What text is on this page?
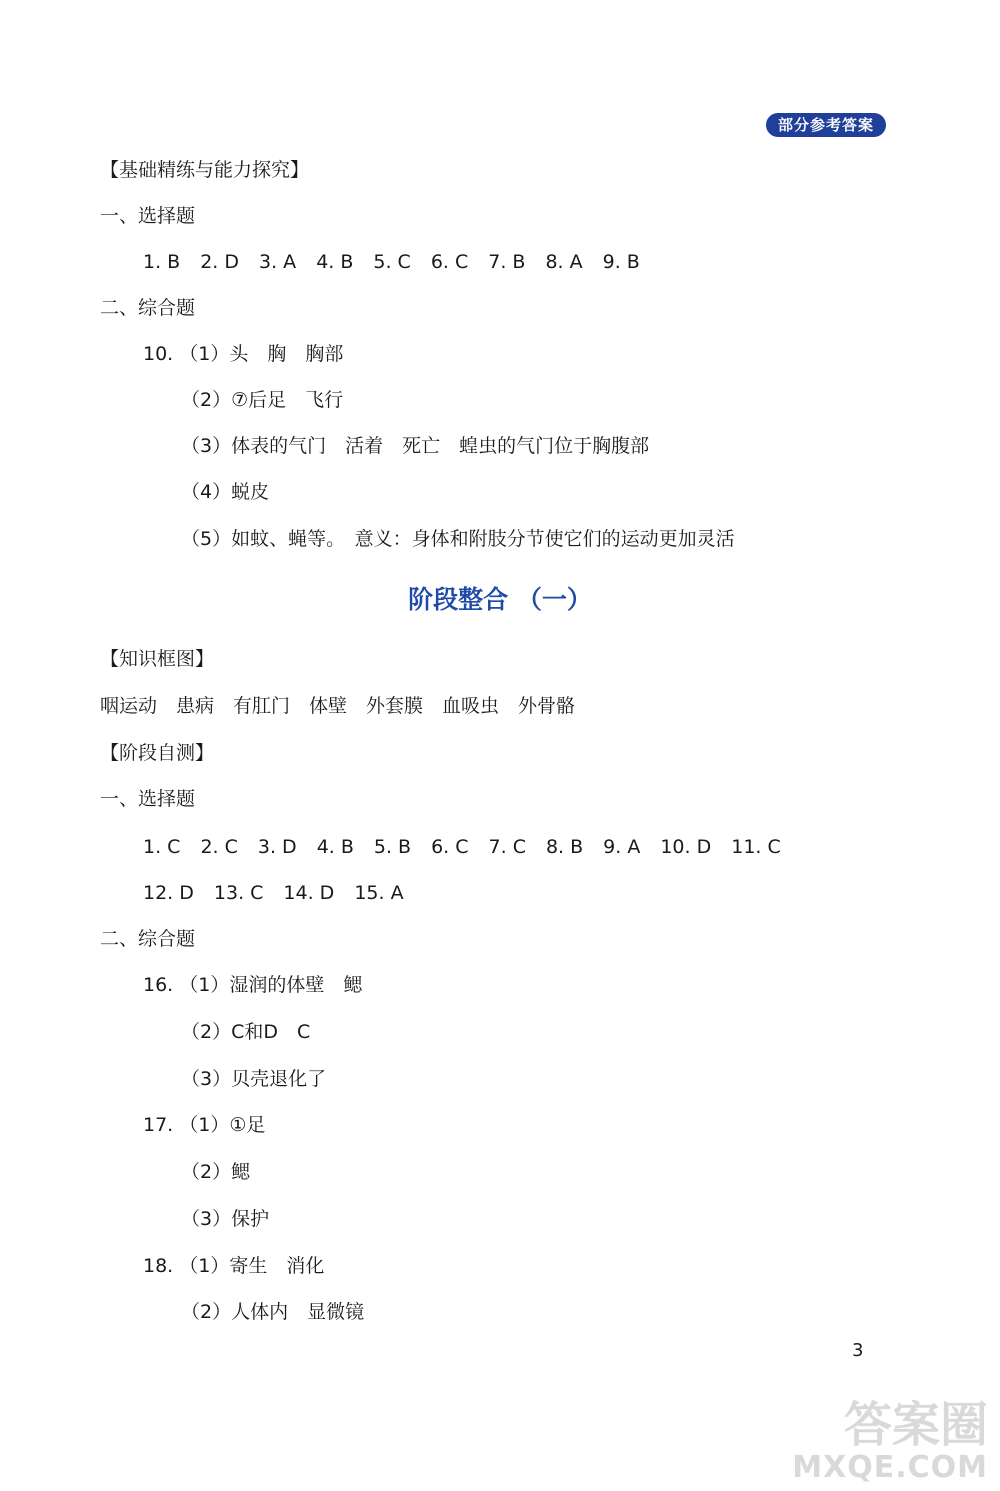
部分参考答案
【基础精练与能力探究】
一、选择题
1. B 2. D 3. A 4. B 5. C 6. C 7. B 8. A 9. B
二、综合题
10. （1）头　胸　胸部
（2）⑦后足　飞行
（3）体表的气门　活着　死亡　蝗虫的气门位于胸腹部
（4）蜕皮
（5）如蚊、蝇等。　意义：身体和附肢分节使它们的运动更加灵活
阶段整合 （一）
【知识框图】
咽运动　患病　有肛门　体壁　外套膜　血吸虫　外骨骼
【阶段自测】
一、选择题
1. C 2. C 3. D 4. B 5. B 6. C 7. C 8. B 9. A 10. D 11. C
12. D 13. C 14. D 15. A
二、综合题
16. （1）湿润的体壁　鳃
（2）C和D　C
（3）贝壳退化了
17. （1）①足
（2）鳃
（3）保护
18. （1）寄生　消化
（2）人体内　显微镜
3
答案圈
MXQE.COM
